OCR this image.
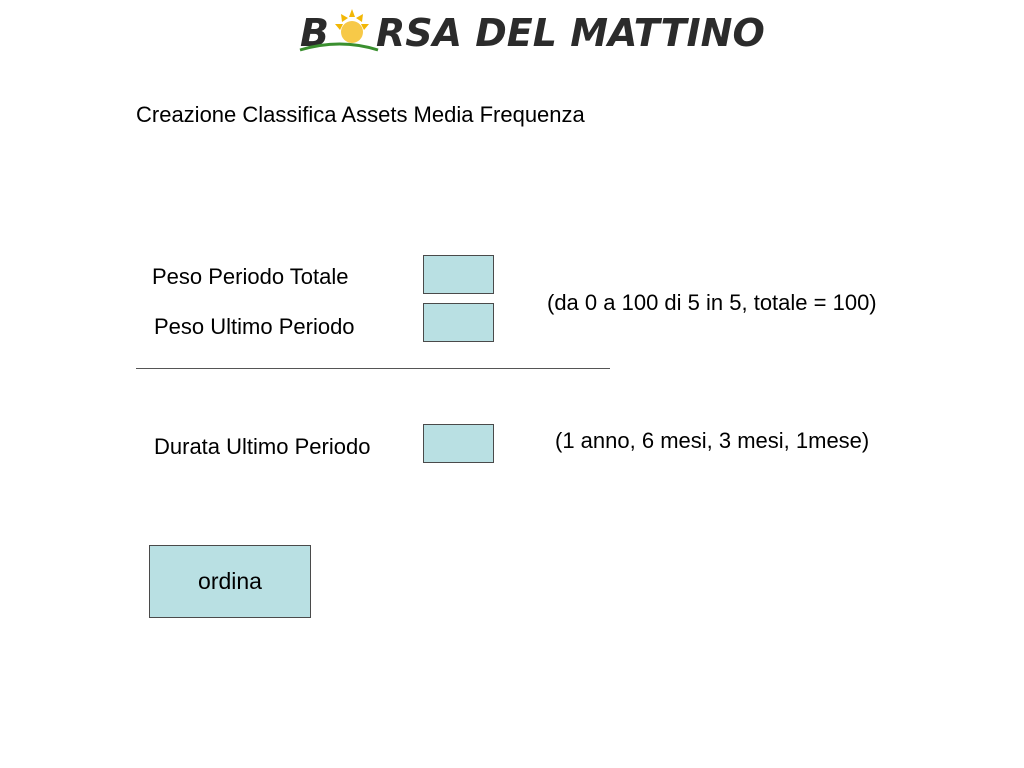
B RSA DEL MATTINO
Creazione Classifica Assets Media Frequenza
Peso Periodo Totale
Peso Ultimo Periodo
(da 0 a 100 di 5 in 5, totale = 100)
Durata Ultimo Periodo	(1 anno, 6 mesi, 3 mesi, 1mese)
ordina
